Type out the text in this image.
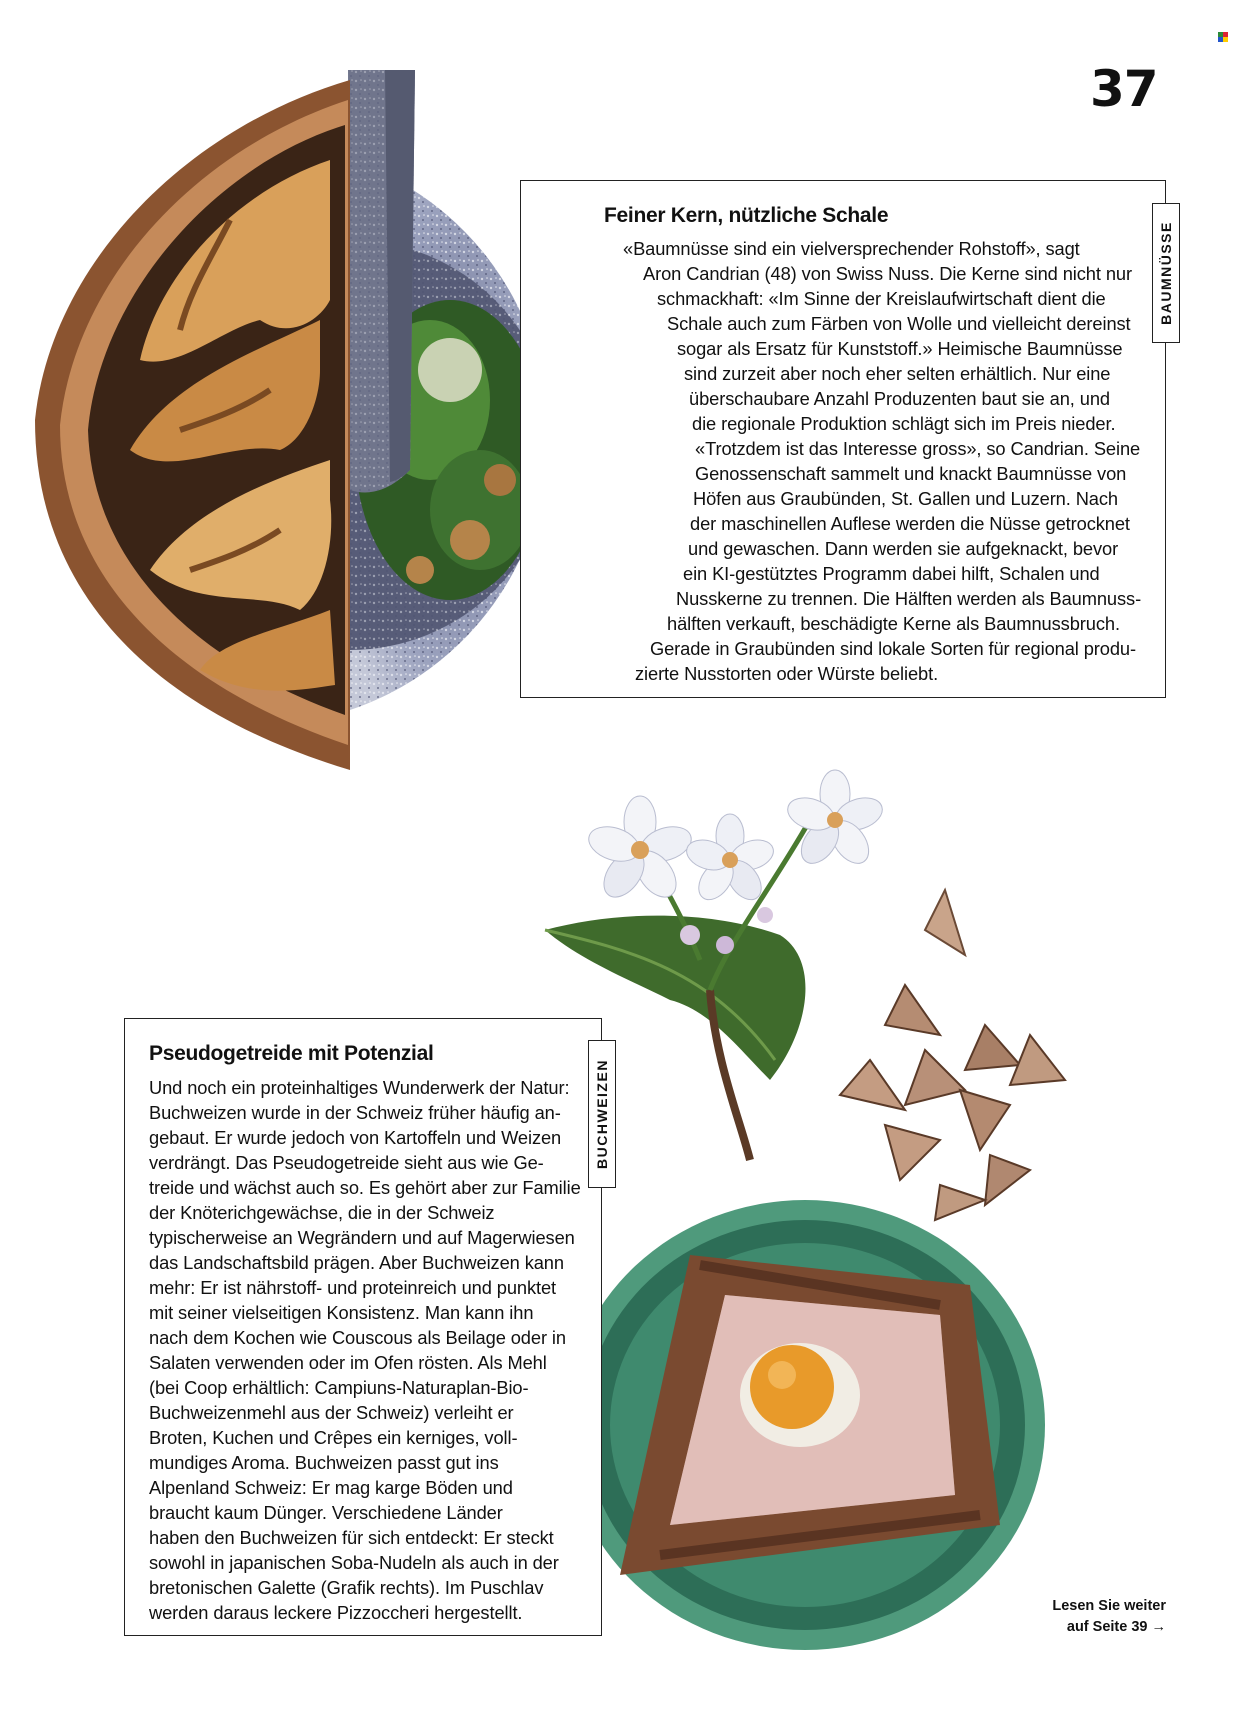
37
Feiner Kern, nützliche Schale
BAUMNÜSSE
«Baumnüsse sind ein vielversprechender Rohstoff», sagt
Aron Candrian (48) von Swiss Nuss. Die Kerne sind nicht nur
schmackhaft: «Im Sinne der Kreislaufwirtschaft dient die
Schale auch zum Färben von Wolle und vielleicht dereinst
sogar als Ersatz für Kunststoff.» Heimische Baumnüsse
sind zurzeit aber noch eher selten erhältlich. Nur eine
überschaubare Anzahl Produzenten baut sie an, und
die regionale Produktion schlägt sich im Preis nieder.
«Trotzdem ist das Interesse gross», so Candrian. Seine
Genossenschaft sammelt und knackt Baumnüsse von
Höfen aus Graubünden, St. Gallen und Luzern. Nach
der maschinellen Auflese werden die Nüsse getrocknet
und gewaschen. Dann werden sie aufgeknackt, bevor
ein KI-gestütztes Programm dabei hilft, Schalen und
Nusskerne zu trennen. Die Hälften werden als Baumnuss-
hälften verkauft, beschädigte Kerne als Baumnussbruch.
Gerade in Graubünden sind lokale Sorten für regional produ-
zierte Nusstorten oder Würste beliebt.
Pseudogetreide mit Potenzial
BUCHWEIZEN
Und noch ein proteinhaltiges Wunderwerk der Natur:
Buchweizen wurde in der Schweiz früher häufig an-
gebaut. Er wurde jedoch von Kartoffeln und Weizen
verdrängt. Das Pseudogetreide sieht aus wie Ge-
treide und wächst auch so. Es gehört aber zur Familie
der Knöterichgewächse, die in der Schweiz
typischerweise an Wegrändern und auf Magerwiesen
das Landschaftsbild prägen. Aber Buchweizen kann
mehr: Er ist nährstoff- und proteinreich und punktet
mit seiner vielseitigen Konsistenz. Man kann ihn
nach dem Kochen wie Couscous als Beilage oder in
Salaten verwenden oder im Ofen rösten. Als Mehl
(bei Coop erhältlich: Campiuns-Naturaplan-Bio-
Buchweizenmehl aus der Schweiz) verleiht er
Broten, Kuchen und Crêpes ein kerniges, voll-
mundiges Aroma. Buchweizen passt gut ins
Alpenland Schweiz: Er mag karge Böden und
braucht kaum Dünger. Verschiedene Länder
haben den Buchweizen für sich entdeckt: Er steckt
sowohl in japanischen Soba-Nudeln als auch in der
bretonischen Galette (Grafik rechts). Im Puschlav
werden daraus leckere Pizzoccheri hergestellt.	Lesen Sie weiter
auf Seite 39 →
